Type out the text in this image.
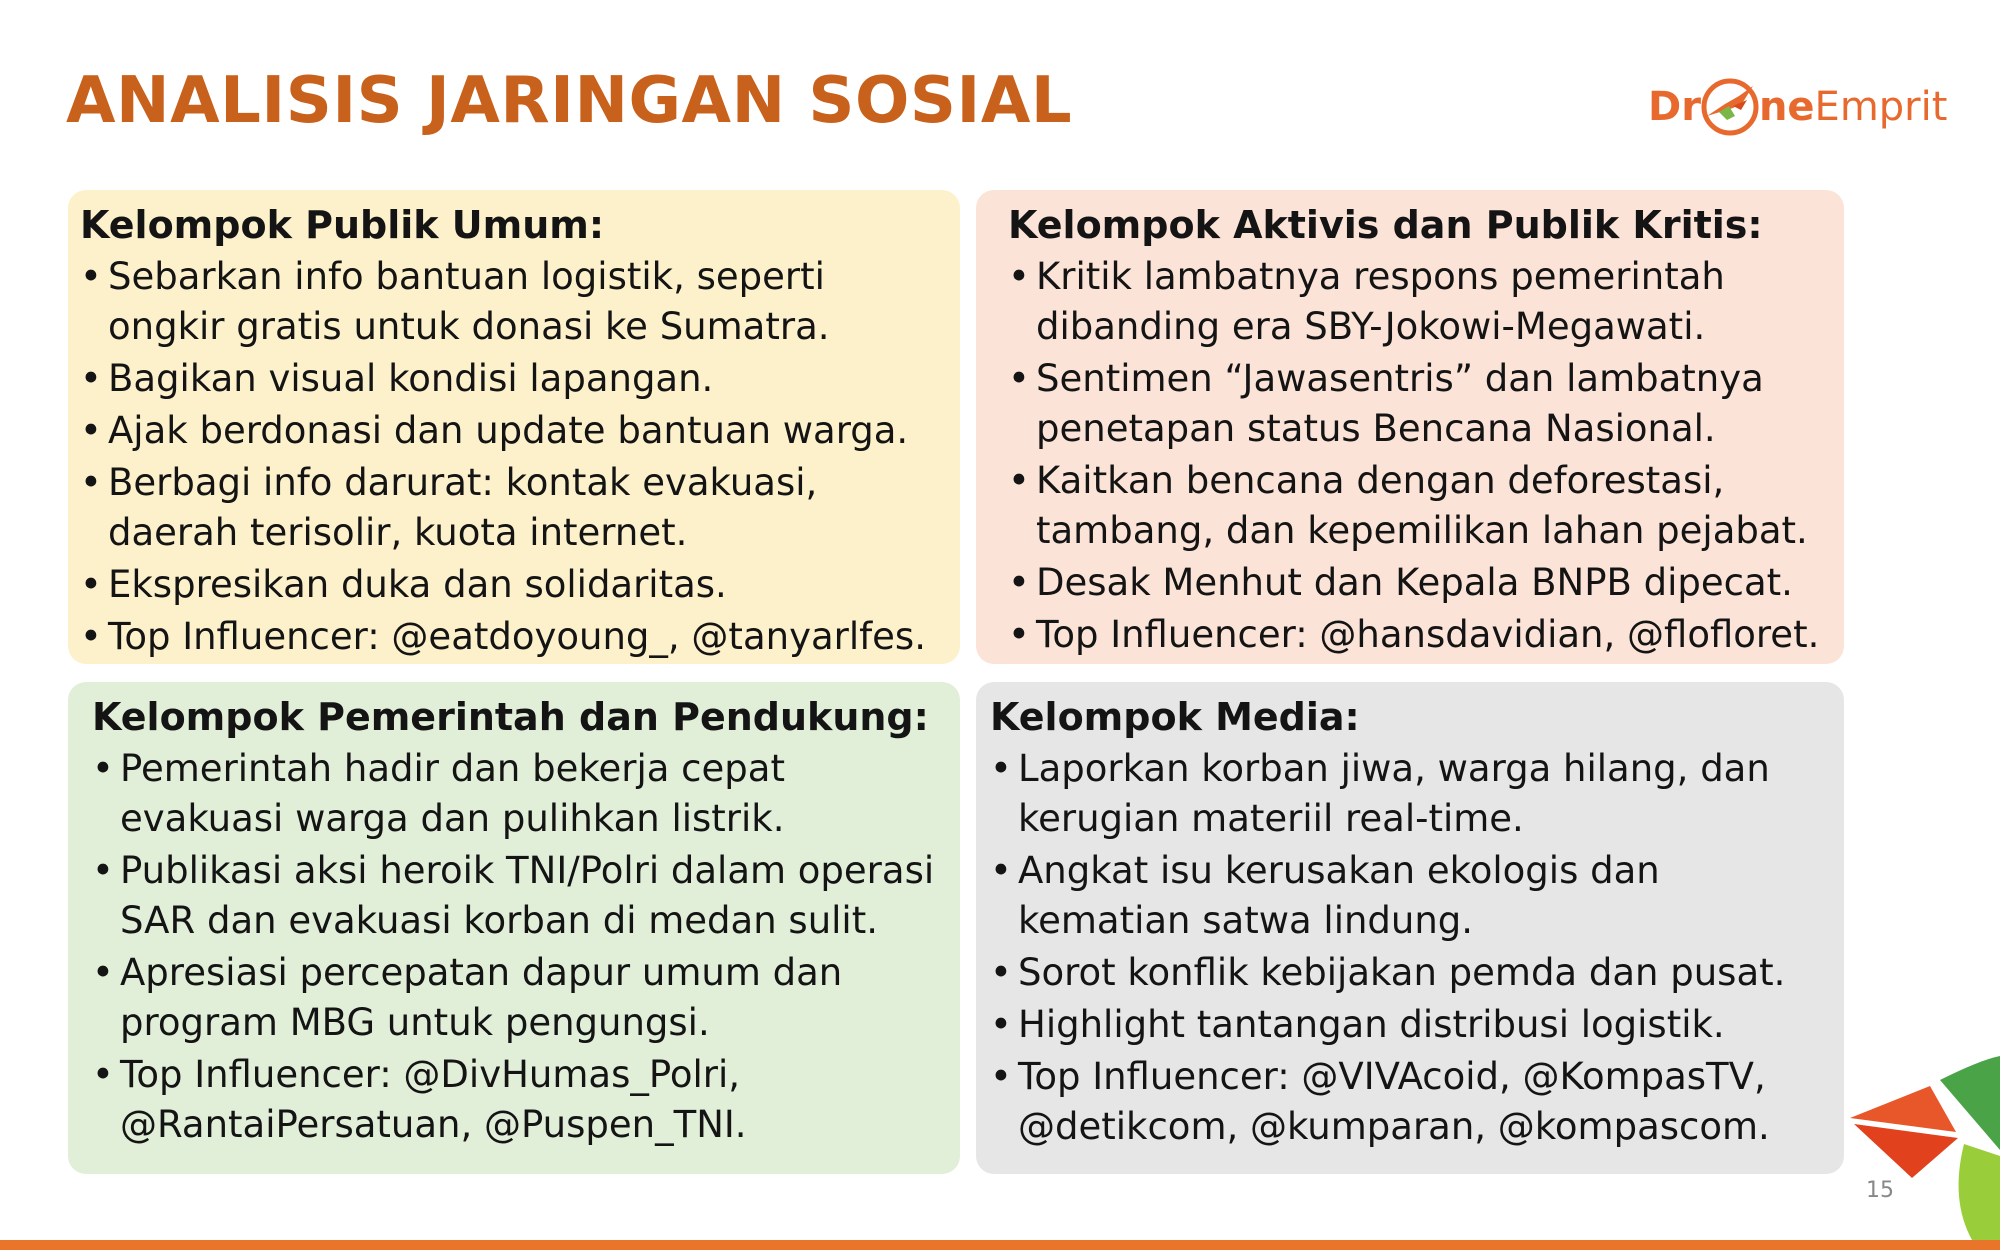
ANALISIS JARINGAN SOSIAL	Dr ne Emprit
Kelompok Publik Umum:
• Sebarkan info bantuan logistik, seperti ongkir gratis untuk donasi ke Sumatra.
• Bagikan visual kondisi lapangan.
• Ajak berdonasi dan update bantuan warga.
• Berbagi info darurat: kontak evakuasi, daerah terisolir, kuota internet.
• Ekspresikan duka dan solidaritas.
• Top Influencer: @eatdoyoung_, @tanyarlfes.
Kelompok Aktivis dan Publik Kritis:
• Kritik lambatnya respons pemerintah dibanding era SBY-Jokowi-Megawati.
• Sentimen “Jawasentris” dan lambatnya penetapan status Bencana Nasional.
• Kaitkan bencana dengan deforestasi, tambang, dan kepemilikan lahan pejabat.
• Desak Menhut dan Kepala BNPB dipecat.
• Top Influencer: @hansdavidian, @flofloret.
Kelompok Pemerintah dan Pendukung:
• Pemerintah hadir dan bekerja cepat evakuasi warga dan pulihkan listrik.
• Publikasi aksi heroik TNI/Polri dalam operasi SAR dan evakuasi korban di medan sulit.
• Apresiasi percepatan dapur umum dan program MBG untuk pengungsi.
• Top Influencer: @DivHumas_Polri, @RantaiPersatuan, @Puspen_TNI.
Kelompok Media:
• Laporkan korban jiwa, warga hilang, dan kerugian materiil real-time.
• Angkat isu kerusakan ekologis dan kematian satwa lindung.
• Sorot konflik kebijakan pemda dan pusat.
• Highlight tantangan distribusi logistik.
• Top Influencer: @VIVAcoid, @KompasTV, @detikcom, @kumparan, @kompascom.
15
